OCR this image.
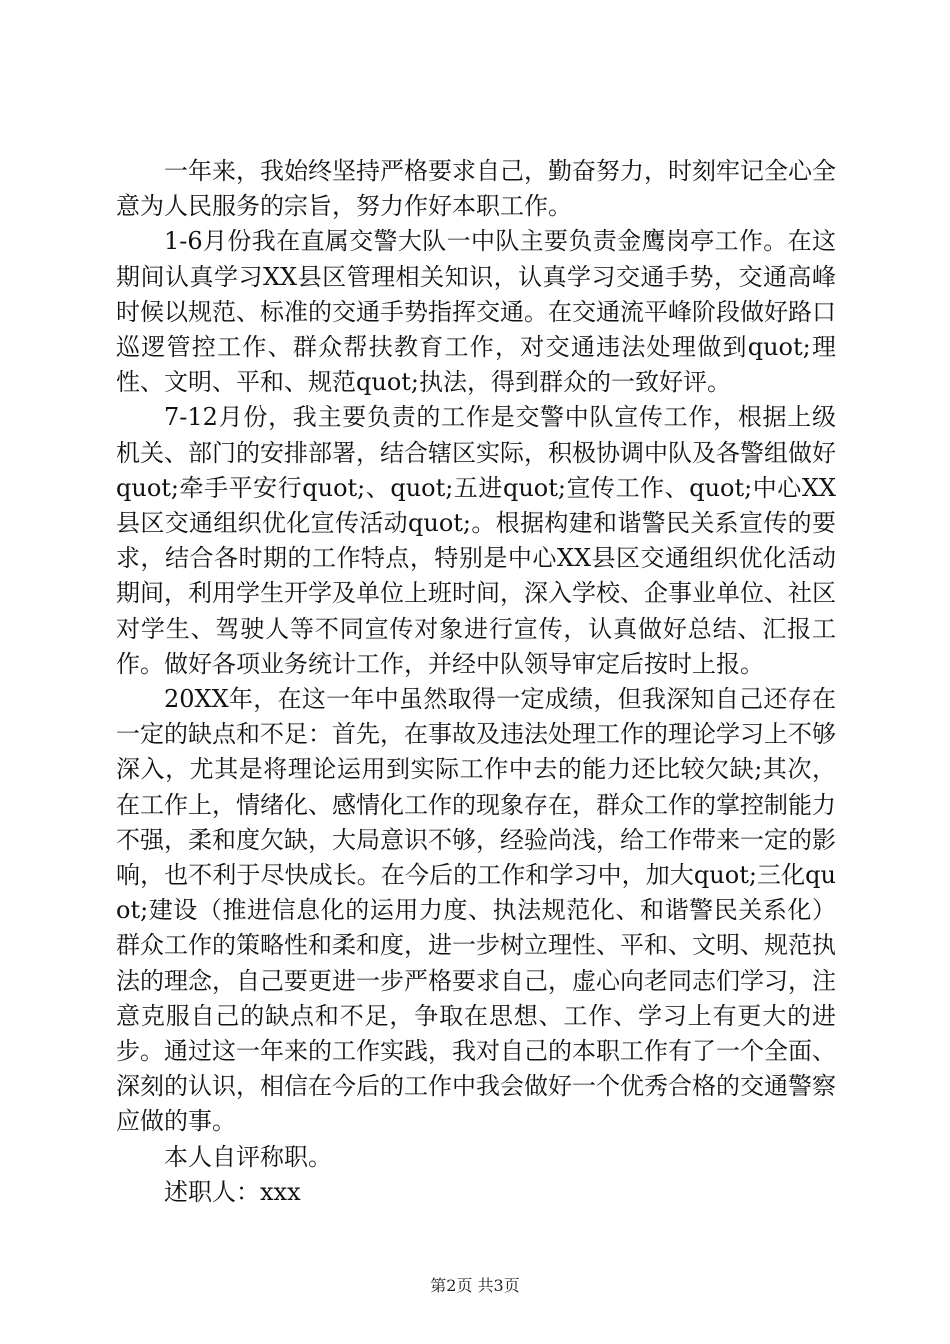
一年来，我始终坚持严格要求自己，勤奋努力，时刻牢记全心全意为人民服务的宗旨，努力作好本职工作。

1-6月份我在直属交警大队一中队主要负责金鹰岗亭工作。在这期间认真学习XX县区管理相关知识，认真学习交通手势，交通高峰时候以规范、标准的交通手势指挥交通。在交通流平峰阶段做好路口巡逻管控工作、群众帮扶教育工作，对交通违法处理做到quot;理性、文明、平和、规范quot;执法，得到群众的一致好评。

7-12月份，我主要负责的工作是交警中队宣传工作，根据上级机关、部门的安排部署，结合辖区实际，积极协调中队及各警组做好quot;牵手平安行quot;、quot;五进quot;宣传工作、quot;中心XX县区交通组织优化宣传活动quot;。根据构建和谐警民关系宣传的要求，结合各时期的工作特点，特别是中心XX县区交通组织优化活动期间，利用学生开学及单位上班时间，深入学校、企事业单位、社区对学生、驾驶人等不同宣传对象进行宣传，认真做好总结、汇报工作。做好各项业务统计工作，并经中队领导审定后按时上报。

20XX年，在这一年中虽然取得一定成绩，但我深知自己还存在一定的缺点和不足：首先，在事故及违法处理工作的理论学习上不够深入，尤其是将理论运用到实际工作中去的能力还比较欠缺;其次，在工作上，情绪化、感情化工作的现象存在，群众工作的掌控制能力不强，柔和度欠缺，大局意识不够，经验尚浅，给工作带来一定的影响，也不利于尽快成长。在今后的工作和学习中，加大quot;三化quot;建设（推进信息化的运用力度、执法规范化、和谐警民关系化）群众工作的策略性和柔和度，进一步树立理性、平和、文明、规范执法的理念，自己要更进一步严格要求自己，虚心向老同志们学习，注意克服自己的缺点和不足，争取在思想、工作、学习上有更大的进步。通过这一年来的工作实践，我对自己的本职工作有了一个全面、深刻的认识，相信在今后的工作中我会做好一个优秀合格的交通警察应做的事。

本人自评称职。

述职人：xxx

第2页 共3页
